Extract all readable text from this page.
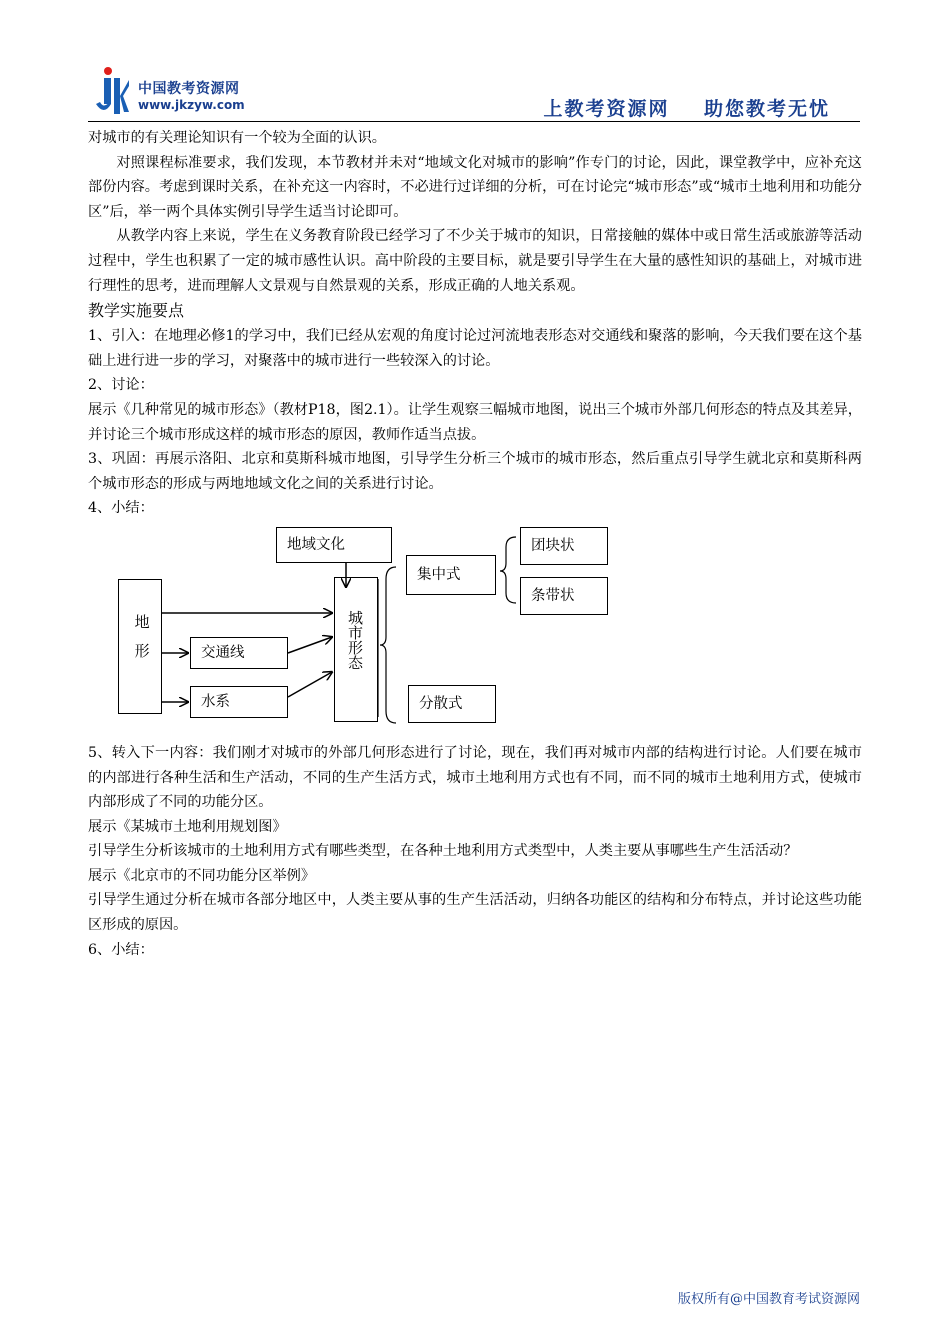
中国教考资源网
www.jkzyw.com	上教考资源网    助您教考无忧

对城市的有关理论知识有一个较为全面的认识。

对照课程标准要求，我们发现，本节教材并未对“地域文化对城市的影响”作专门的讨论，因此，课堂教学中，应补充这部份内容。考虑到课时关系，在补充这一内容时，不必进行过详细的分析，可在讨论完“城市形态”或“城市土地利用和功能分区”后，举一两个具体实例引导学生适当讨论即可。

从教学内容上来说，学生在义务教育阶段已经学习了不少关于城市的知识，日常接触的媒体中或日常生活或旅游等活动过程中，学生也积累了一定的城市感性认识。高中阶段的主要目标，就是要引导学生在大量的感性知识的基础上，对城市进行理性的思考，进而理解人文景观与自然景观的关系，形成正确的人地关系观。

教学实施要点

1、引入：在地理必修1的学习中，我们已经从宏观的角度讨论过河流地表形态对交通线和聚落的影响，今天我们要在这个基础上进行进一步的学习，对聚落中的城市进行一些较深入的讨论。

2、讨论：

展示《几种常见的城市形态》（教材P18，图2.1）。让学生观察三幅城市地图，说出三个城市外部几何形态的特点及其差异，并讨论三个城市形成这样的城市形态的原因，教师作适当点拔。

3、巩固：再展示洛阳、北京和莫斯科城市地图，引导学生分析三个城市的城市形态，然后重点引导学生就北京和莫斯科两个城市形态的形成与两地地域文化之间的关系进行讨论。

4、小结：

地域文化
地形	交通线
水系
城市形态
集中式
分散式
团块状
条带状

5、转入下一内容：我们刚才对城市的外部几何形态进行了讨论，现在，我们再对城市内部的结构进行讨论。人们要在城市的内部进行各种生活和生产活动，不同的生产生活方式，城市土地利用方式也有不同，而不同的城市土地利用方式，使城市内部形成了不同的功能分区。

展示《某城市土地利用规划图》

引导学生分析该城市的土地利用方式有哪些类型，在各种土地利用方式类型中，人类主要从事哪些生产生活活动？

展示《北京市的不同功能分区举例》

引导学生通过分析在城市各部分地区中，人类主要从事的生产生活活动，归纳各功能区的结构和分布特点，并讨论这些功能区形成的原因。

6、小结：

版权所有@中国教育考试资源网
